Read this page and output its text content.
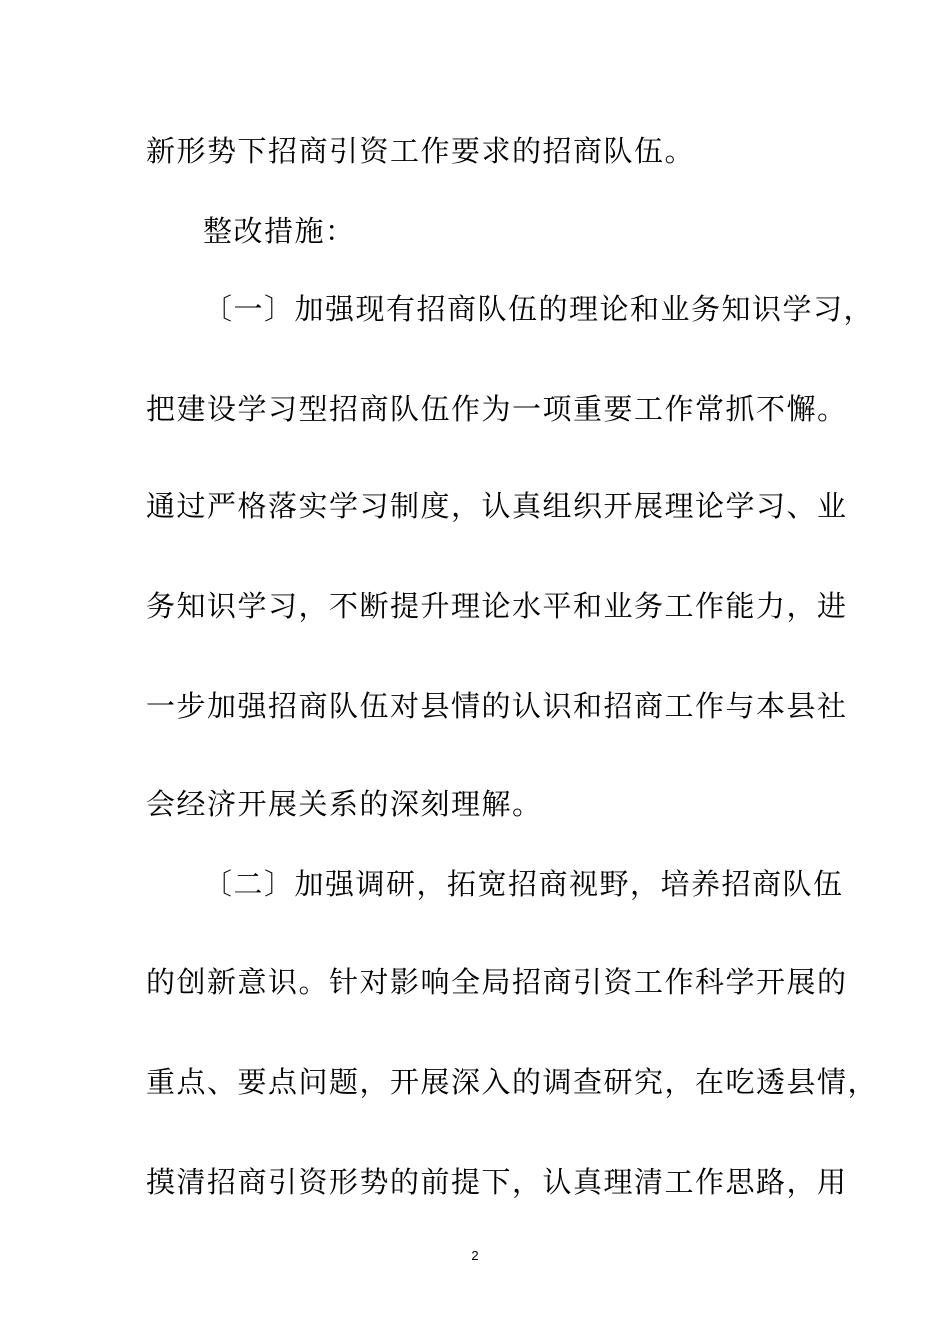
新形势下招商引资工作要求的招商队伍。
整改措施：
〔一〕加强现有招商队伍的理论和业务知识学习，
把建设学习型招商队伍作为一项重要工作常抓不懈。
通过严格落实学习制度，认真组织开展理论学习、业
务知识学习，不断提升理论水平和业务工作能力，进
一步加强招商队伍对县情的认识和招商工作与本县社
会经济开展关系的深刻理解。
〔二〕加强调研，拓宽招商视野，培养招商队伍
的创新意识。针对影响全局招商引资工作科学开展的
重点、要点问题，开展深入的调查研究，在吃透县情，
摸清招商引资形势的前提下，认真理清工作思路，用
2
